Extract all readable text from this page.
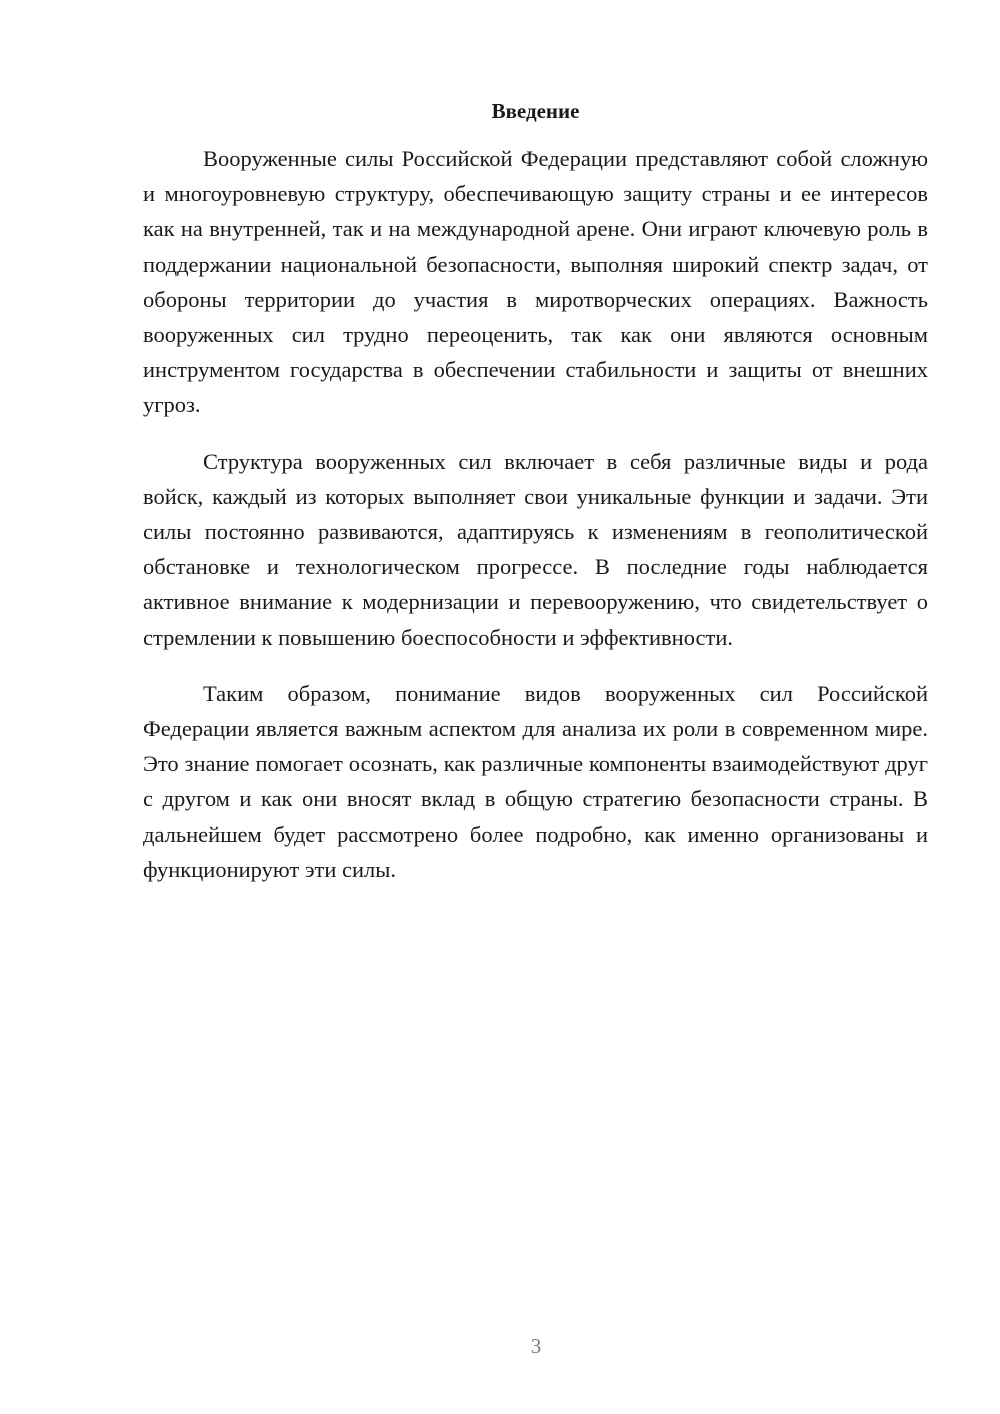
Введение

Вооруженные силы Российской Федерации представляют собой сложную и многоуровневую структуру, обеспечивающую защиту страны и ее интересов как на внутренней, так и на международной арене. Они играют ключевую роль в поддержании национальной безопасности, выполняя широкий спектр задач, от обороны территории до участия в миротворческих операциях. Важность вооруженных сил трудно переоценить, так как они являются основным инструментом государства в обеспечении стабильности и защиты от внешних угроз.

Структура вооруженных сил включает в себя различные виды и рода войск, каждый из которых выполняет свои уникальные функции и задачи. Эти силы постоянно развиваются, адаптируясь к изменениям в геополитической обстановке и технологическом прогрессе. В последние годы наблюдается активное внимание к модернизации и перевооружению, что свидетельствует о стремлении к повышению боеспособности и эффективности.

Таким образом, понимание видов вооруженных сил Российской Федерации является важным аспектом для анализа их роли в современном мире. Это знание помогает осознать, как различные компоненты взаимодействуют друг с другом и как они вносят вклад в общую стратегию безопасности страны. В дальнейшем будет рассмотрено более подробно, как именно организованы и функционируют эти силы.

3
